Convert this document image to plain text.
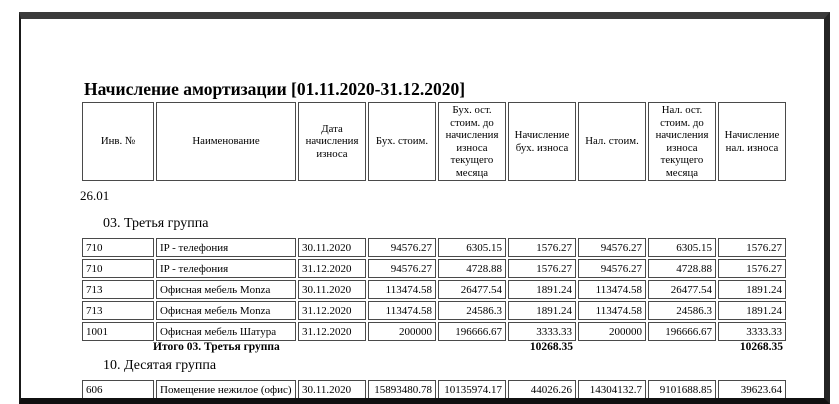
Начисление амортизации [01.11.2020-31.12.2020]
Инв. №	Наименование	Дата начисления износа	Бух. стоим.	Бух. ост. стоим. до начисления износа текущего месяца	Начисление бух. износа	Нал. стоим.	Нал. ост. стоим. до начисления износа текущего месяца	Начисление нал. износа
26.01
03. Третья группа
710	IP - телефония	30.11.2020	94576.27	6305.15	1576.27	94576.27	6305.15	1576.27
710	IP - телефония	31.12.2020	94576.27	4728.88	1576.27	94576.27	4728.88	1576.27
713	Офисная мебель Monza	30.11.2020	113474.58	26477.54	1891.24	113474.58	26477.54	1891.24
713	Офисная мебель Monza	31.12.2020	113474.58	24586.3	1891.24	113474.58	24586.3	1891.24
1001	Офисная мебель Шатура	31.12.2020	200000	196666.67	3333.33	200000	196666.67	3333.33
Итого 03. Третья группа	10268.35	10268.35
10. Десятая группа
606	Помещение нежилое (офис)	30.11.2020	15893480.78	10135974.17	44026.26	14304132.7	9101688.85	39623.64
